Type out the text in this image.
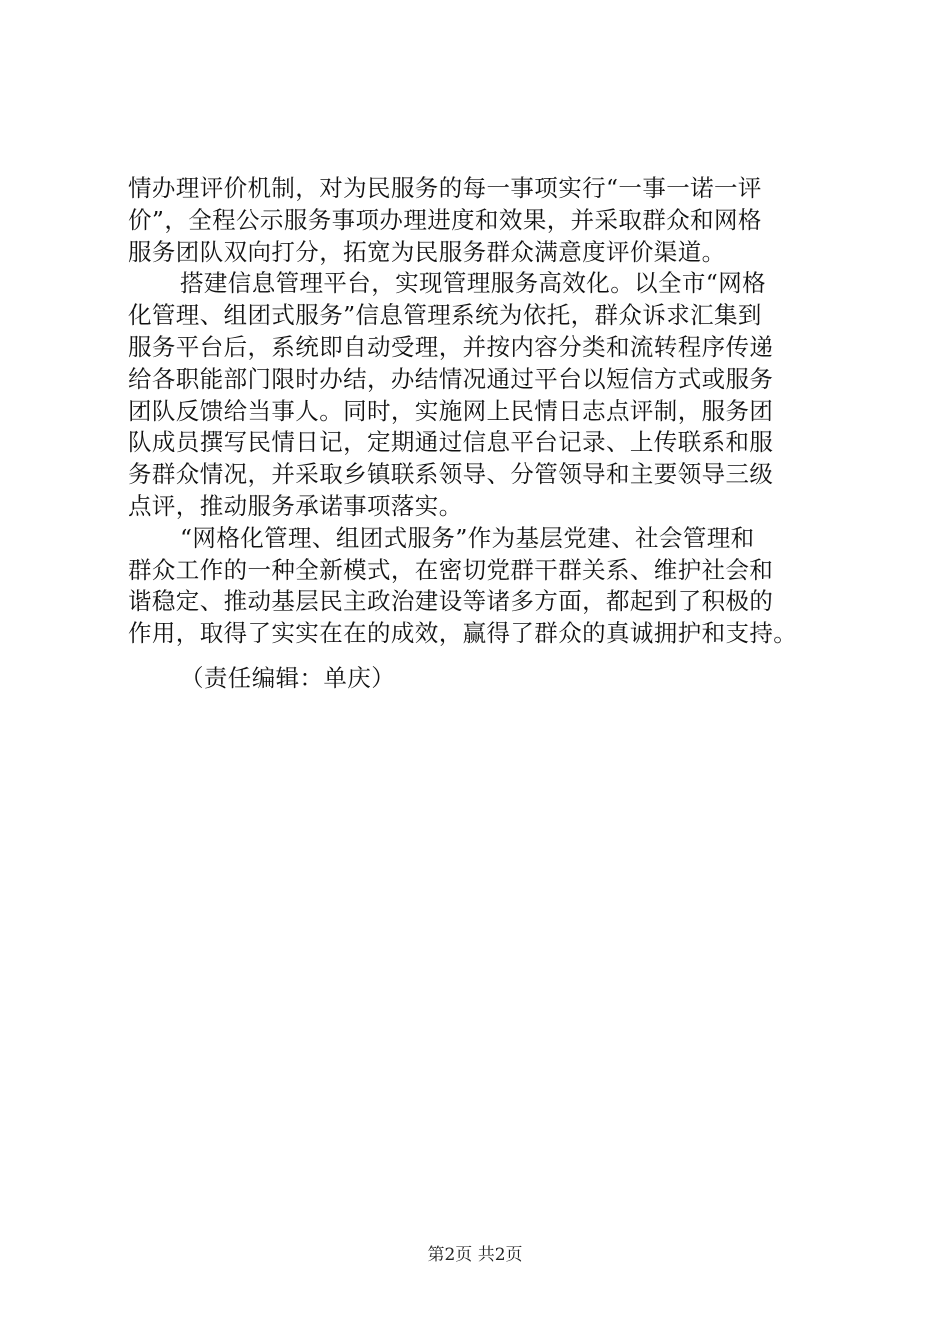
情办理评价机制，对为民服务的每一事项实行“一事一诺一评
价”，全程公示服务事项办理进度和效果，并采取群众和网格
服务团队双向打分，拓宽为民服务群众满意度评价渠道。
搭建信息管理平台，实现管理服务高效化。以全市“网格
化管理、组团式服务”信息管理系统为依托，群众诉求汇集到
服务平台后，系统即自动受理，并按内容分类和流转程序传递
给各职能部门限时办结，办结情况通过平台以短信方式或服务
团队反馈给当事人。同时，实施网上民情日志点评制，服务团
队成员撰写民情日记，定期通过信息平台记录、上传联系和服
务群众情况，并采取乡镇联系领导、分管领导和主要领导三级
点评，推动服务承诺事项落实。
“网格化管理、组团式服务”作为基层党建、社会管理和
群众工作的一种全新模式，在密切党群干群关系、维护社会和
谐稳定、推动基层民主政治建设等诸多方面，都起到了积极的
作用，取得了实实在在的成效，赢得了群众的真诚拥护和支持。
（责任编辑：单庆）
第2页 共2页
